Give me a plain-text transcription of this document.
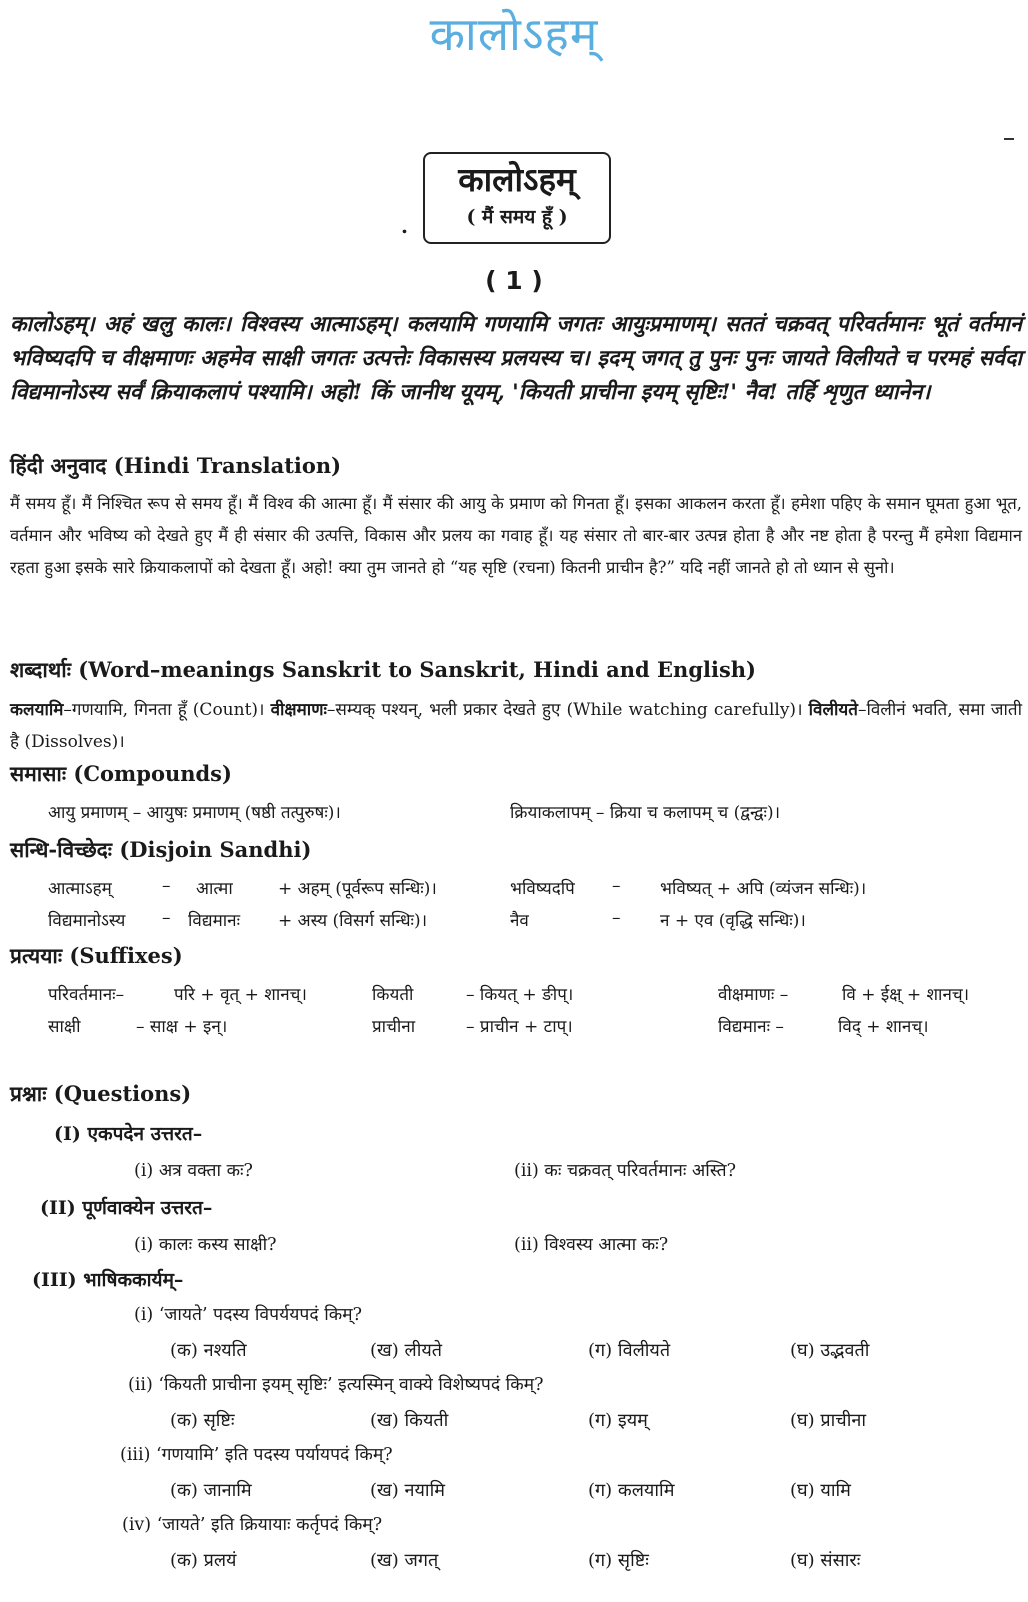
कालोऽहम्
.
कालोऽहम्
( मैं समय हूँ )
( 1 )
कालोऽहम्। अहं खलु कालः। विश्वस्य आत्माऽहम्। कलयामि गणयामि जगतः आयुःप्रमाणम्। सततं चक्रवत् परिवर्तमानः भूतं वर्तमानं भविष्यदपि च वीक्षमाणः अहमेव साक्षी जगतः उत्पत्तेः विकासस्य प्रलयस्य च। इदम् जगत् तु पुनः पुनः जायते विलीयते च परमहं सर्वदा विद्यमानोऽस्य सर्वं क्रियाकलापं पश्यामि। अहो! किं जानीथ यूयम्, 'कियती प्राचीना इयम् सृष्टिः!' नैव! तर्हि शृणुत ध्यानेन।
हिंदी अनुवाद (Hindi Translation)
मैं समय हूँ। मैं निश्चित रूप से समय हूँ। मैं विश्व की आत्मा हूँ। मैं संसार की आयु के प्रमाण को गिनता हूँ। इसका आकलन करता हूँ। हमेशा पहिए के समान घूमता हुआ भूत, वर्तमान और भविष्य को देखते हुए मैं ही संसार की उत्पत्ति, विकास और प्रलय का गवाह हूँ। यह संसार तो बार-बार उत्पन्न होता है और नष्ट होता है परन्तु मैं हमेशा विद्यमान रहता हुआ इसके सारे क्रियाकलापों को देखता हूँ। अहो! क्या तुम जानते हो “यह सृष्टि (रचना) कितनी प्राचीन है?” यदि नहीं जानते हो तो ध्यान से सुनो।
शब्दार्थाः (Word–meanings Sanskrit to Sanskrit, Hindi and English)
कलयामि–गणयामि, गिनता हूँ (Count)। वीक्षमाणः–सम्यक् पश्यन्, भली प्रकार देखते हुए (While watching carefully)। विलीयते–विलीनं भवति, समा जाती है (Dissolves)।
समासाः (Compounds)
आयु प्रमाणम् – आयुषः प्रमाणम् (षष्ठी तत्पुरुषः)।	क्रियाकलापम् – क्रिया च कलापम् च (द्वन्द्वः)।
सन्धि-विच्छेदः (Disjoin Sandhi)
आत्माऽहम्	– आत्मा	+ अहम् (पूर्वरूप सन्धिः)।	भविष्यदपि – भविष्यत् + अपि (व्यंजन सन्धिः)।
विद्यमानोऽस्य – विद्यमानः + अस्य (विसर्ग सन्धिः)।	नैव	– न + एव (वृद्धि सन्धिः)।
प्रत्ययाः (Suffixes)
परिवर्तमानः–	परि + वृत् + शानच्।	कियती	– कियत् + ङीप्।	वीक्षमाणः –	वि + ईक्ष् + शानच्।
साक्षी	– साक्ष + इन्।	प्राचीना	– प्राचीन + टाप्।	विद्यमानः –	विद् + शानच्।
प्रश्नाः (Questions)
(I) एकपदेन उत्तरत–
(i) अत्र वक्ता कः?	(ii) कः चक्रवत् परिवर्तमानः अस्ति?
(II) पूर्णवाक्येन उत्तरत–
(i) कालः कस्य साक्षी?	(ii) विश्वस्य आत्मा कः?
(III) भाषिककार्यम्–
(i) ‘जायते’ पदस्य विपर्ययपदं किम्?
(क) नश्यति	(ख) लीयते	(ग) विलीयते	(घ) उद्भवती
(ii) ‘कियती प्राचीना इयम् सृष्टिः’ इत्यस्मिन् वाक्ये विशेष्यपदं किम्?
(क) सृष्टिः	(ख) कियती	(ग) इयम्	(घ) प्राचीना
(iii) ‘गणयामि’ इति पदस्य पर्यायपदं किम्?
(क) जानामि	(ख) नयामि	(ग) कलयामि	(घ) यामि
(iv) ‘जायते’ इति क्रियायाः कर्तृपदं किम्?
(क) प्रलयं	(ख) जगत्	(ग) सृष्टिः	(घ) संसारः
